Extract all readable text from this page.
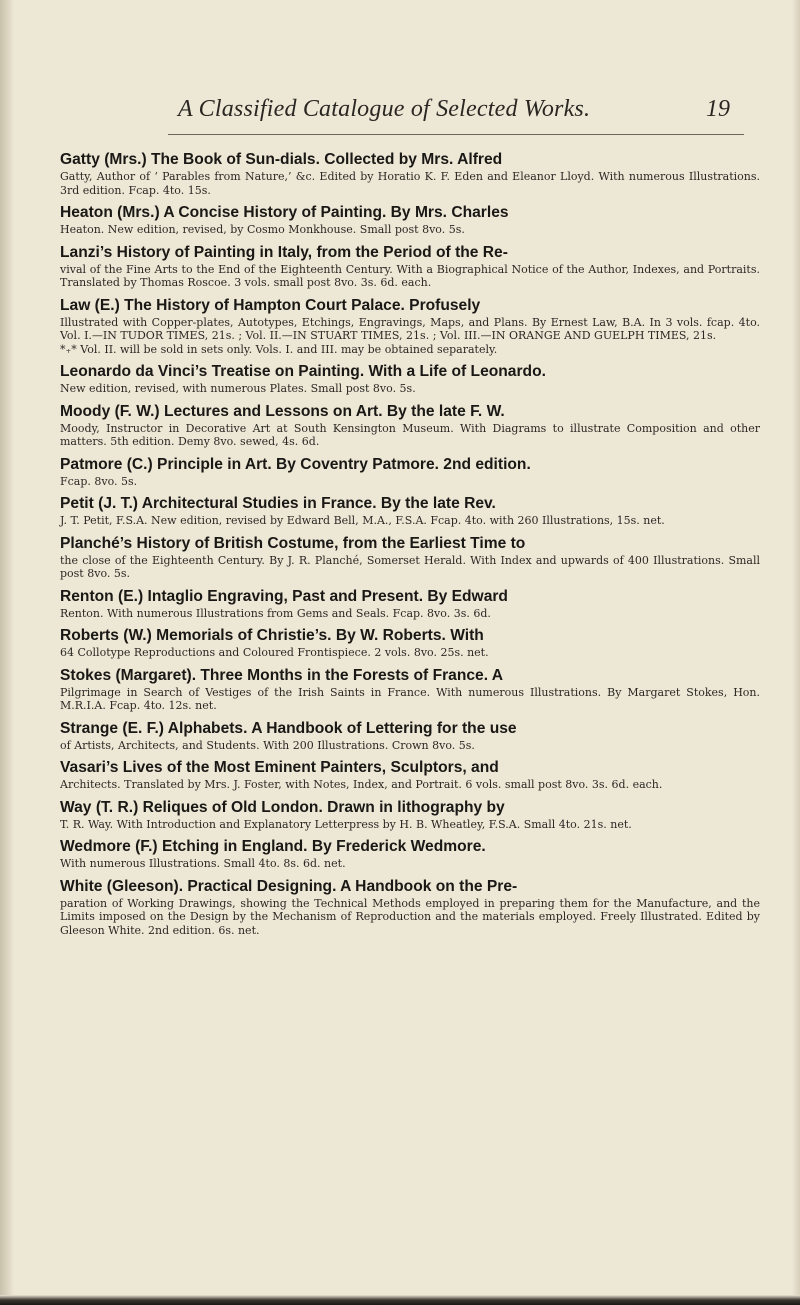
A Classified Catalogue of Selected Works.	19
Gatty (Mrs.) The Book of Sun-dials. Collected by Mrs. Alfred
Gatty, Author of ‘ Parables from Nature,’ &c. Edited by Horatio K. F. Eden and Eleanor Lloyd. With numerous Illustrations. 3rd edition. Fcap. 4to. 15s.
Heaton (Mrs.) A Concise History of Painting. By Mrs. Charles
Heaton. New edition, revised, by Cosmo Monkhouse. Small post 8vo. 5s.
Lanzi’s History of Painting in Italy, from the Period of the Re-
vival of the Fine Arts to the End of the Eighteenth Century. With a Biographical Notice of the Author, Indexes, and Portraits. Translated by Thomas Roscoe. 3 vols. small post 8vo. 3s. 6d. each.
Law (E.) The History of Hampton Court Palace. Profusely
Illustrated with Copper-plates, Autotypes, Etchings, Engravings, Maps, and Plans. By Ernest Law, B.A. In 3 vols. fcap. 4to. Vol. I.—IN TUDOR TIMES, 21s. ; Vol. II.—IN STUART TIMES, 21s. ; Vol. III.—IN ORANGE AND GUELPH TIMES, 21s.
*₊* Vol. II. will be sold in sets only. Vols. I. and III. may be obtained separately.
Leonardo da Vinci’s Treatise on Painting. With a Life of Leonardo.
New edition, revised, with numerous Plates. Small post 8vo. 5s.
Moody (F. W.) Lectures and Lessons on Art. By the late F. W.
Moody, Instructor in Decorative Art at South Kensington Museum. With Diagrams to illustrate Composition and other matters. 5th edition. Demy 8vo. sewed, 4s. 6d.
Patmore (C.) Principle in Art. By Coventry Patmore. 2nd edition.
Fcap. 8vo. 5s.
Petit (J. T.) Architectural Studies in France. By the late Rev.
J. T. Petit, F.S.A. New edition, revised by Edward Bell, M.A., F.S.A. Fcap. 4to. with 260 Illustrations, 15s. net.
Planché’s History of British Costume, from the Earliest Time to
the close of the Eighteenth Century. By J. R. Planché, Somerset Herald. With Index and upwards of 400 Illustrations. Small post 8vo. 5s.
Renton (E.) Intaglio Engraving, Past and Present. By Edward
Renton. With numerous Illustrations from Gems and Seals. Fcap. 8vo. 3s. 6d.
Roberts (W.) Memorials of Christie’s. By W. Roberts. With
64 Collotype Reproductions and Coloured Frontispiece. 2 vols. 8vo. 25s. net.
Stokes (Margaret). Three Months in the Forests of France. A
Pilgrimage in Search of Vestiges of the Irish Saints in France. With numerous Illustrations. By Margaret Stokes, Hon. M.R.I.A. Fcap. 4to. 12s. net.
Strange (E. F.) Alphabets. A Handbook of Lettering for the use
of Artists, Architects, and Students. With 200 Illustrations. Crown 8vo. 5s.
Vasari’s Lives of the Most Eminent Painters, Sculptors, and
Architects. Translated by Mrs. J. Foster, with Notes, Index, and Portrait. 6 vols. small post 8vo. 3s. 6d. each.
Way (T. R.) Reliques of Old London. Drawn in lithography by
T. R. Way. With Introduction and Explanatory Letterpress by H. B. Wheatley, F.S.A. Small 4to. 21s. net.
Wedmore (F.) Etching in England. By Frederick Wedmore.
With numerous Illustrations. Small 4to. 8s. 6d. net.
White (Gleeson). Practical Designing. A Handbook on the Pre-
paration of Working Drawings, showing the Technical Methods employed in preparing them for the Manufacture, and the Limits imposed on the Design by the Mechanism of Reproduction and the materials employed. Freely Illustrated. Edited by Gleeson White. 2nd edition. 6s. net.
